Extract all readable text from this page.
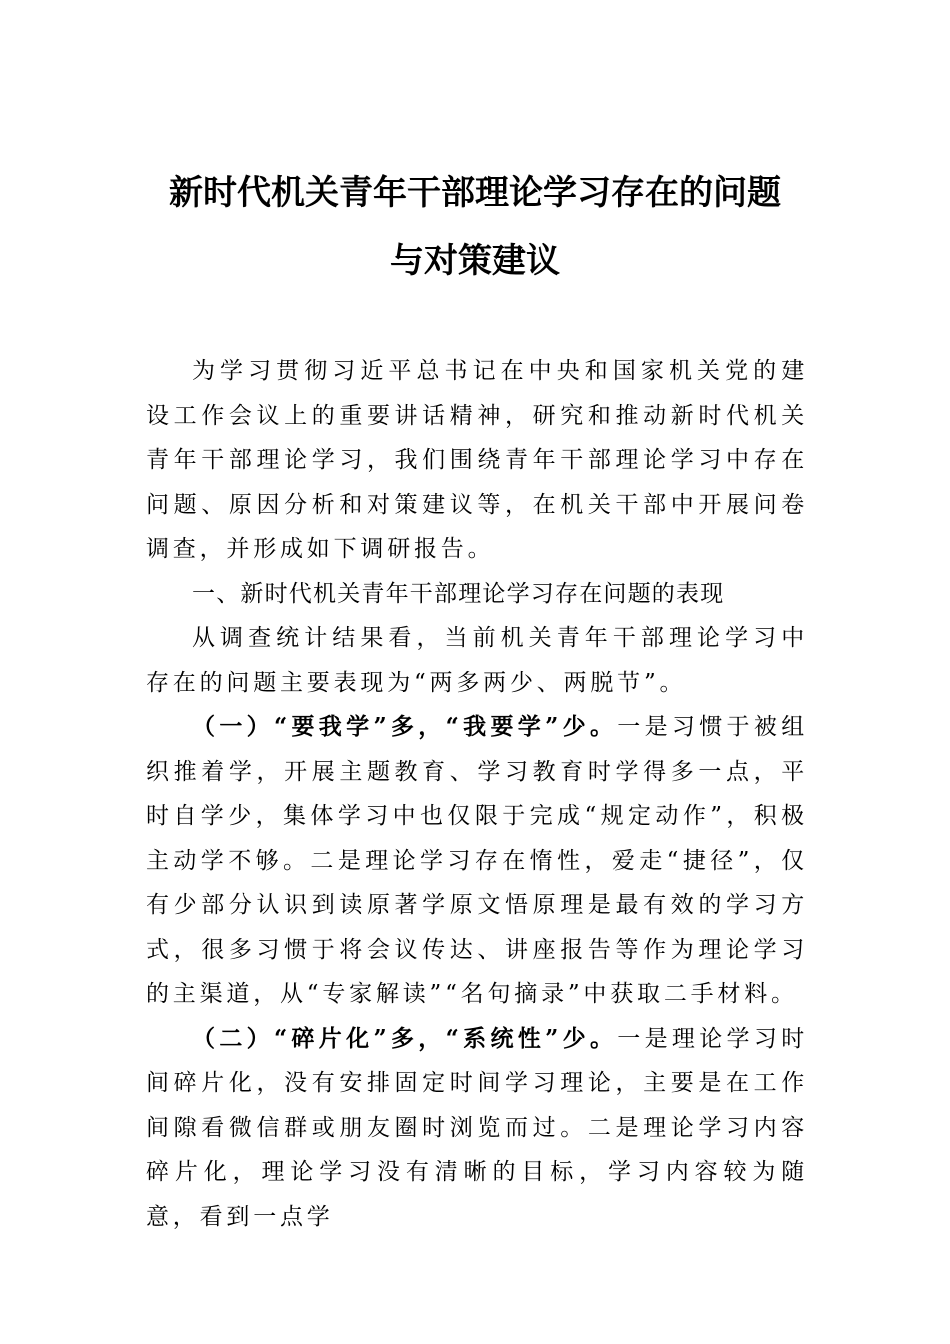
新时代机关青年干部理论学习存在的问题
与对策建议

为学习贯彻习近平总书记在中央和国家机关党的建设工作会议上的重要讲话精神，研究和推动新时代机关青年干部理论学习，我们围绕青年干部理论学习中存在问题、原因分析和对策建议等，在机关干部中开展问卷调查，并形成如下调研报告。

一、新时代机关青年干部理论学习存在问题的表现

从调查统计结果看，当前机关青年干部理论学习中存在的问题主要表现为“两多两少、两脱节”。

（一）“要我学”多，“我要学”少。一是习惯于被组织推着学，开展主题教育、学习教育时学得多一点，平时自学少，集体学习中也仅限于完成“规定动作”，积极主动学不够。二是理论学习存在惰性，爱走“捷径”，仅有少部分认识到读原著学原文悟原理是最有效的学习方式，很多习惯于将会议传达、讲座报告等作为理论学习的主渠道，从“专家解读”“名句摘录”中获取二手材料。

（二）“碎片化”多，“系统性”少。一是理论学习时间碎片化，没有安排固定时间学习理论，主要是在工作间隙看微信群或朋友圈时浏览而过。二是理论学习内容碎片化，理论学习没有清晰的目标，学习内容较为随意，看到一点学
